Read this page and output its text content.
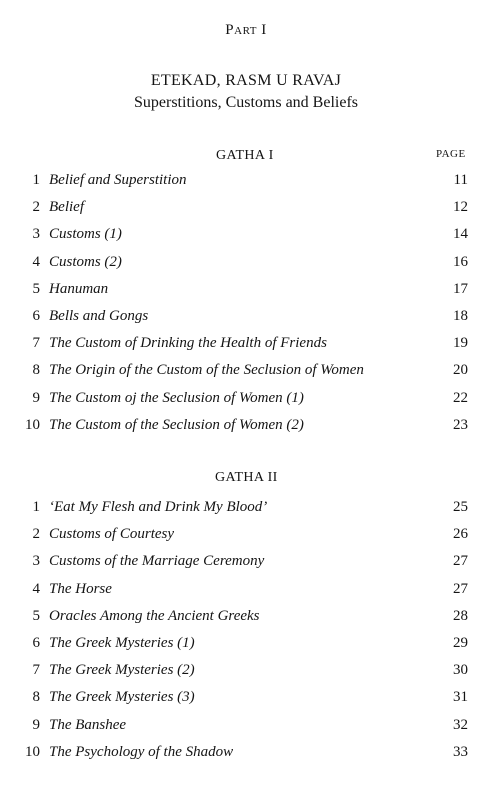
Part I
ETEKAD, RASM U RAVAJ
Superstitions, Customs and Beliefs
GATHA I	PAGE
1 Belief and Superstition	11
2 Belief	12
3 Customs (1)	14
4 Customs (2)	16
5 Hanuman	17
6 Bells and Gongs	18
7 The Custom of Drinking the Health of Friends	19
8 The Origin of the Custom of the Seclusion of Women	20
9 The Custom oj the Seclusion of Women (1)	22
10 The Custom of the Seclusion of Women (2)	23
GATHA II
1 ‘Eat My Flesh and Drink My Blood’	25
2 Customs of Courtesy	26
3 Customs of the Marriage Ceremony	27
4 The Horse	27
5 Oracles Among the Ancient Greeks	28
6 The Greek Mysteries (1)	29
7 The Greek Mysteries (2)	30
8 The Greek Mysteries (3)	31
9 The Banshee	32
10 The Psychology of the Shadow	33
